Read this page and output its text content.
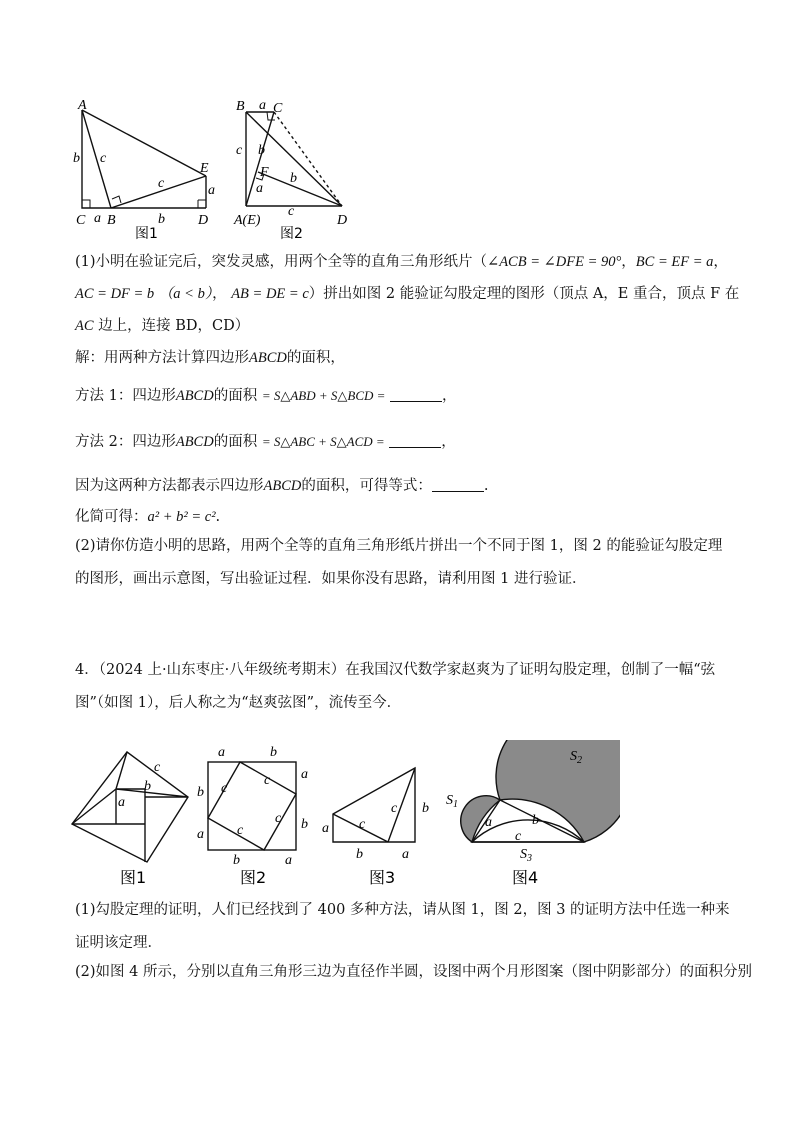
A
b c
C a B
c
b
E
a
D
图1
B a C
c
F
a
b
b
c
A(E)	D
图2
(1)小明在验证完后，突发灵感，用两个全等的直角三角形纸片（∠ACB = ∠DFE = 90°，BC = EF = a，
AC = DF = b （a < b）， AB = DE = c）拼出如图 2 能验证勾股定理的图形（顶点 A，E 重合，顶点 F 在
AC 边上，连接 BD，CD）
解：用两种方法计算四边形ABCD的面积，
方法 1：四边形ABCD的面积 = S△ABD + S△BCD =	，
方法 2：四边形ABCD的面积 = S△ABC + S△ACD =	，
因为这两种方法都表示四边形ABCD的面积，可得等式：	.
化简可得：a² + b² = c².
(2)请你仿造小明的思路，用两个全等的直角三角形纸片拼出一个不同于图 1，图 2 的能验证勾股定理的图形，画出示意图，写出验证过程．如果你没有思路，请利用图 1 进行验证．
4．（2024 上·山东枣庄·八年级统考期末）在我国汉代数学家赵爽为了证明勾股定理，创制了一幅“弦图”（如图 1），后人称之为“赵爽弦图”，流传至今．
a
c
b
图1
a	b
a
b
b
a
b	a
c
c
c
c
图2
a
b
b	a
c
c
图3
$S_1$
$S_2$
$S_3$
a	b
c
图4
(1)勾股定理的证明，人们已经找到了 400 多种方法，请从图 1，图 2，图 3 的证明方法中任选一种来证明该定理．
(2)如图 4 所示，分别以直角三角形三边为直径作半圆，设图中两个月形图案（图中阴影部分）的面积分别
